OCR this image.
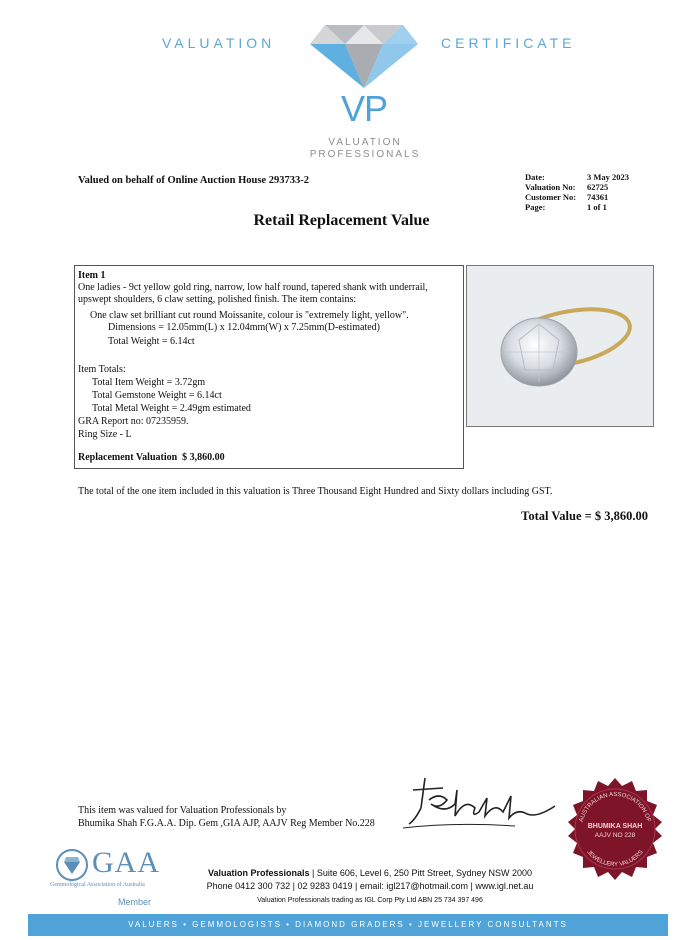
VALUATION	CERTIFICATE
VP
VALUATION
PROFESSIONALS
Valued on behalf of Online Auction House 293733-2	Date:	3 May 2023
Valuation No:	62725
Customer No:	74361
Page:	1 of 1
Retail Replacement Value
Item 1
One ladies - 9ct yellow gold ring, narrow, low half round, tapered shank with underrail,
upswept shoulders, 6 claw setting, polished finish. The item contains:
One claw set brilliant cut round Moissanite, colour is "extremely light, yellow".
Dimensions = 12.05mm(L) x 12.04mm(W) x 7.25mm(D-estimated)
Total Weight = 6.14ct
Item Totals:
Total Item Weight = 3.72gm
Total Gemstone Weight = 6.14ct
Total Metal Weight = 2.49gm estimated
GRA Report no: 07235959.
Ring Size - L
Replacement Valuation $ 3,860.00
The total of the one item included in this valuation is Three Thousand Eight Hundred and Sixty dollars including GST.
Total Value = $ 3,860.00
This item was valued for Valuation Professionals by
Bhumika Shah F.G.A.A. Dip. Gem ,GIA AJP, AAJV Reg Member No.228	AUSTRALIAN ASSOCIATION OF
BHUMIKA SHAH
AAJV NO 228
JEWELLERY VALUERS
GAA
Gemmological Association of Australia
Member
Valuation Professionals | Suite 606, Level 6, 250 Pitt Street, Sydney NSW 2000
Phone 0412 300 732 | 02 9283 0419 | email: igl217@hotmail.com | www.igl.net.au
Valuation Professionals trading as IGL Corp Pty Ltd ABN 25 734 397 496
VALUERS • GEMMOLOGISTS • DIAMOND GRADERS • JEWELLERY CONSULTANTS
